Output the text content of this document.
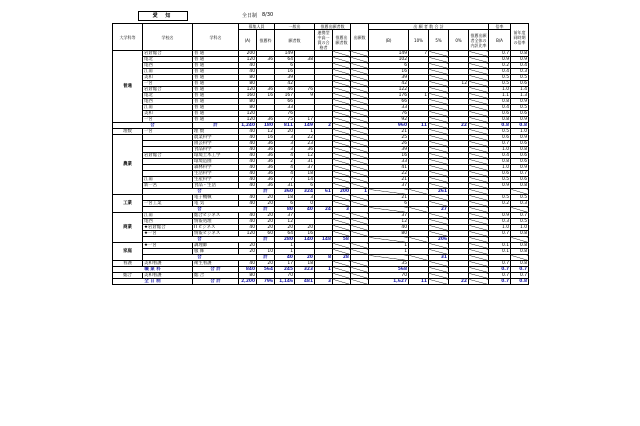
愛 知	全日制 8/30
大学科等	学校名	学科名	募集人員		一般出		推薦出願者数		出願数	出 願 者 数 合 計					倍率	前年度同時期の倍率	
			(A)	推薦枠	願者数		連携型中高一貫の合格者	推薦出願者数		(B)	10%	5%	0%	推薦出願者全体の内訳比率	B/A		
普通	岩倉総合	普 通	200		149					149	7				0.7	0.8	
	尾北	普 通	120	36	64	38				102					0.9	0.9	
	尾西	普 通	40		6					6					0.2	0.4	
	江南	普 通	40		16					16					0.4	0.3	
	美和	普 通	80		39					39					0.5	0.5	
	一宮	普 通	80		42					42			12		0.5	0.6	
	岩倉総合	普 通	120	36	46	76				122					1.0	1.4	
	尾北	普 通	160	16	167	9				176	1				1.1	1.3	
	尾西	普 通	80		66					66					0.8	0.9	
	江南	普 通	80		33					33					0.4	0.5	
	美和	普 通	120		76					76					0.6	0.6	
	一宮	普 通	120	36	75	17				92					0.8	0.9	
合		計	1,240	180	811	149	2			960	11		22		0.8	0.8	
理数	一宮	理 数	40	12	20	1				21					0.5	1.0	
農業		農業科学	40	16	3	22				25					0.6	0.9	
		園芸科学	40	36	3	23				26					0.7	0.6	
		食品科学	40	36	3	36				39					1.0	0.8	
	岩倉総合	環境土木工学	40	36	4	12				16					0.4	0.6	
		環境造園	40	36	2	31				33					0.8	0.6	
		森林科学	40	36	4	37				41					1.0	0.9	
		生活科学	40	36	4	18				22					0.6	0.7	
	江南	生産科学	40	36	7	14				21					0.5	0.6	
	新一宮	食品・生活	40	36	31	6				37					0.9	0.8	
	合			計	360	324	61	200	1			261						
工業		電子機械	40	20	18	3				21					0.5	0.5	
	一宮工業	電 気	40	20	6	0				6					0.2	0.3	
	合			計	80	40	24	3				27						
商業	江南	総合ビジネス	40	20	37					37					0.9	0.7	
	尾西	情報処理	40	20	12					12					0.3	0.5	
	★岩倉総合	ITビジネス	40	20	20	20				40					1.0	1.0	
	★一宮	情報ビジネス	120	60	64	16				80					0.7	0.8	
	合			計	280	140	148	58				206						
家庭	★一宮	調理師	20		1					1					0.1	0.8	
		服 飾	20	10	1					1					0.1	0.8	
	合			計	40	20	8	28				31						
看護	美和看護	衛生看護	40	20	17	18				35					0.7	0.8	
職 業 科		合 計	840	564	245	323	1			568					0.7	0.7	
総合	美和看護	総 合	80		70					70					0.7	0.7	
全 日 制		合 計	2,200	796	1,146	481	3			1,627	11		22		0.7	0.8	
